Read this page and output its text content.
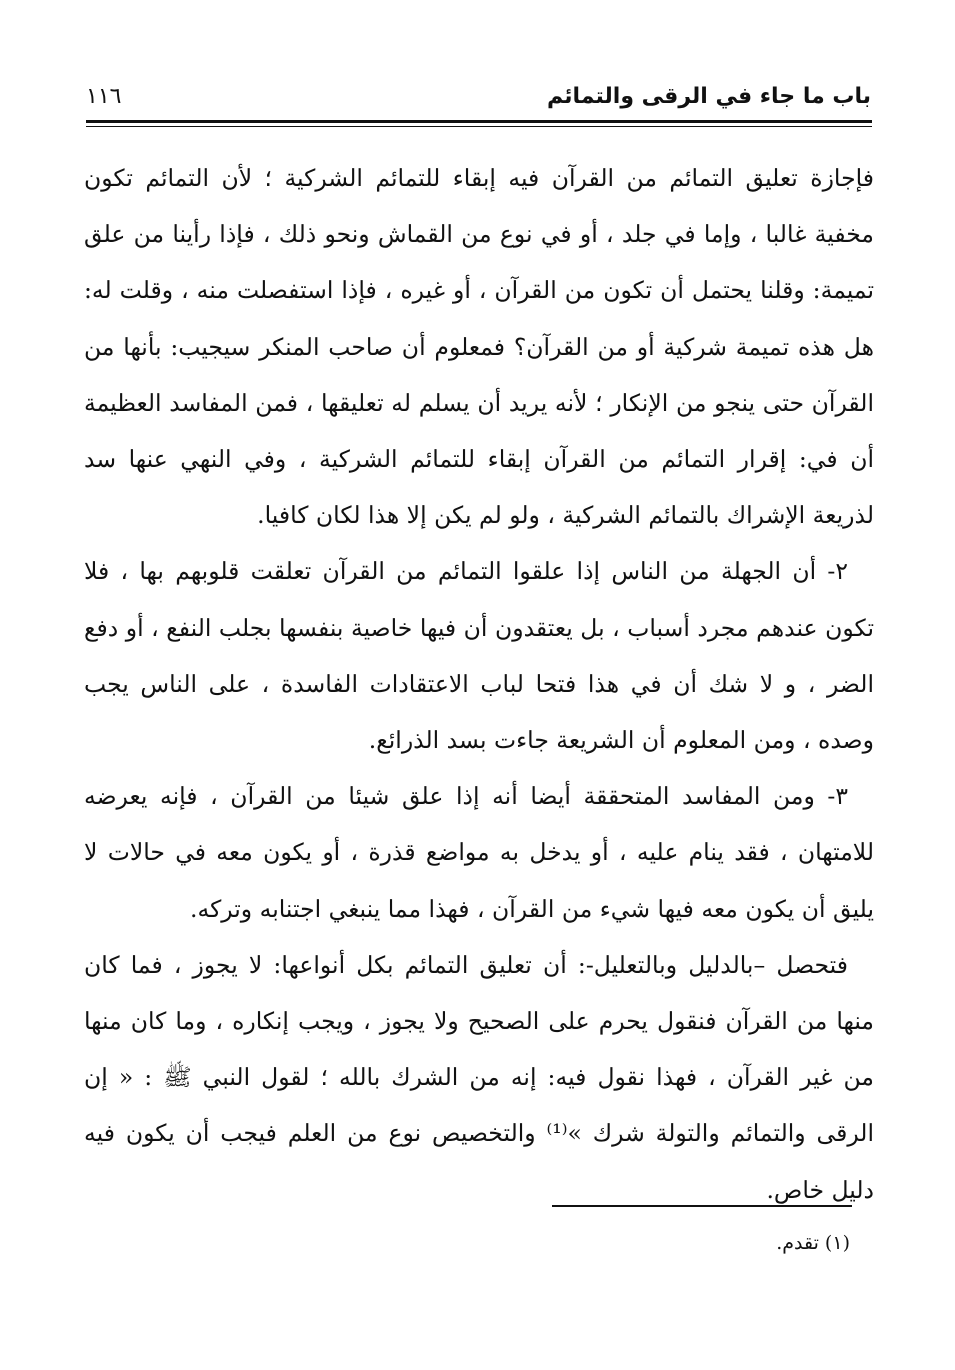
باب ما جاء في الرقى والتمائم
١١٦

فإجازة تعليق التمائم من القرآن فيه إبقاء للتمائم الشركية ؛ لأن التمائم تكون مخفية غالبا ، وإما في جلد ، أو في نوع من القماش ونحو ذلك ، فإذا رأينا من علق تميمة: وقلنا يحتمل أن تكون من القرآن ، أو غيره ، فإذا استفصلت منه ، وقلت له: هل هذه تميمة شركية أو من القرآن؟ فمعلوم أن صاحب المنكر سيجيب: بأنها من القرآن حتى ينجو من الإنكار ؛ لأنه يريد أن يسلم له تعليقها ، فمن المفاسد العظيمة أن في: إقرار التمائم من القرآن إبقاء للتمائم الشركية ، وفي النهي عنها سد لذريعة الإشراك بالتمائم الشركية ، ولو لم يكن إلا هذا لكان كافيا.

٢- أن الجهلة من الناس إذا علقوا التمائم من القرآن تعلقت قلوبهم بها ، فلا تكون عندهم مجرد أسباب ، بل يعتقدون أن فيها خاصية بنفسها بجلب النفع ، أو دفع الضر ، و لا شك أن في هذا فتحا لباب الاعتقادات الفاسدة ، على الناس يجب وصده ، ومن المعلوم أن الشريعة جاءت بسد الذرائع.

٣- ومن المفاسد المتحققة أيضا أنه إذا علق شيئا من القرآن ، فإنه يعرضه للامتهان ، فقد ينام عليه ، أو يدخل به مواضع قذرة ، أو يكون معه في حالات لا يليق أن يكون معه فيها شيء من القرآن ، فهذا مما ينبغي اجتنابه وتركه.

فتحصل –بالدليل وبالتعليل-: أن تعليق التمائم بكل أنواعها: لا يجوز ، فما كان منها من القرآن فنقول يحرم على الصحيح ولا يجوز ، ويجب إنكاره ، وما كان منها من غير القرآن ، فهذا نقول فيه: إنه من الشرك بالله ؛ لقول النبي ﷺ : « إن الرقى والتمائم والتولة شرك »⁽¹⁾ والتخصيص نوع من العلم فيجب أن يكون فيه دليل خاص.

(١) تقدم.
